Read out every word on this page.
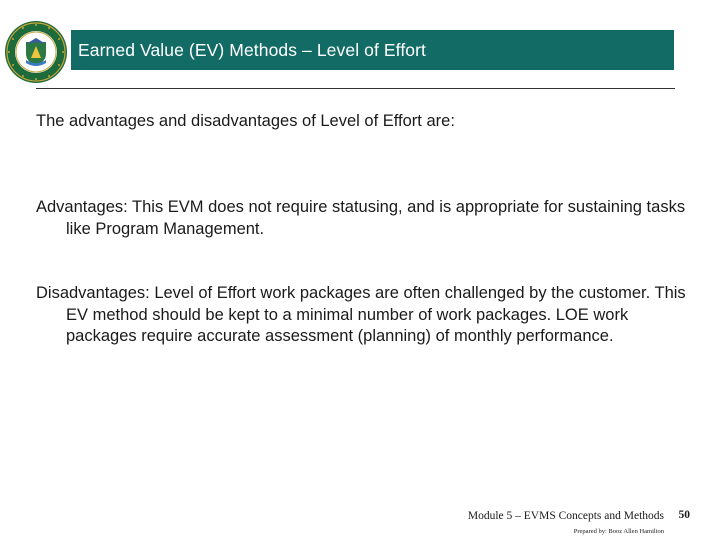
Earned Value (EV) Methods – Level of Effort
The advantages and disadvantages of Level of Effort are:
Advantages: This EVM does not require statusing, and is appropriate for sustaining tasks like Program Management.
Disadvantages: Level of Effort work packages are often challenged by the customer. This EV method should be kept to a minimal number of work packages. LOE work packages require accurate assessment (planning) of monthly performance.
Module 5 – EVMS Concepts and Methods 50
Prepared by: Booz Allen Hamilton
